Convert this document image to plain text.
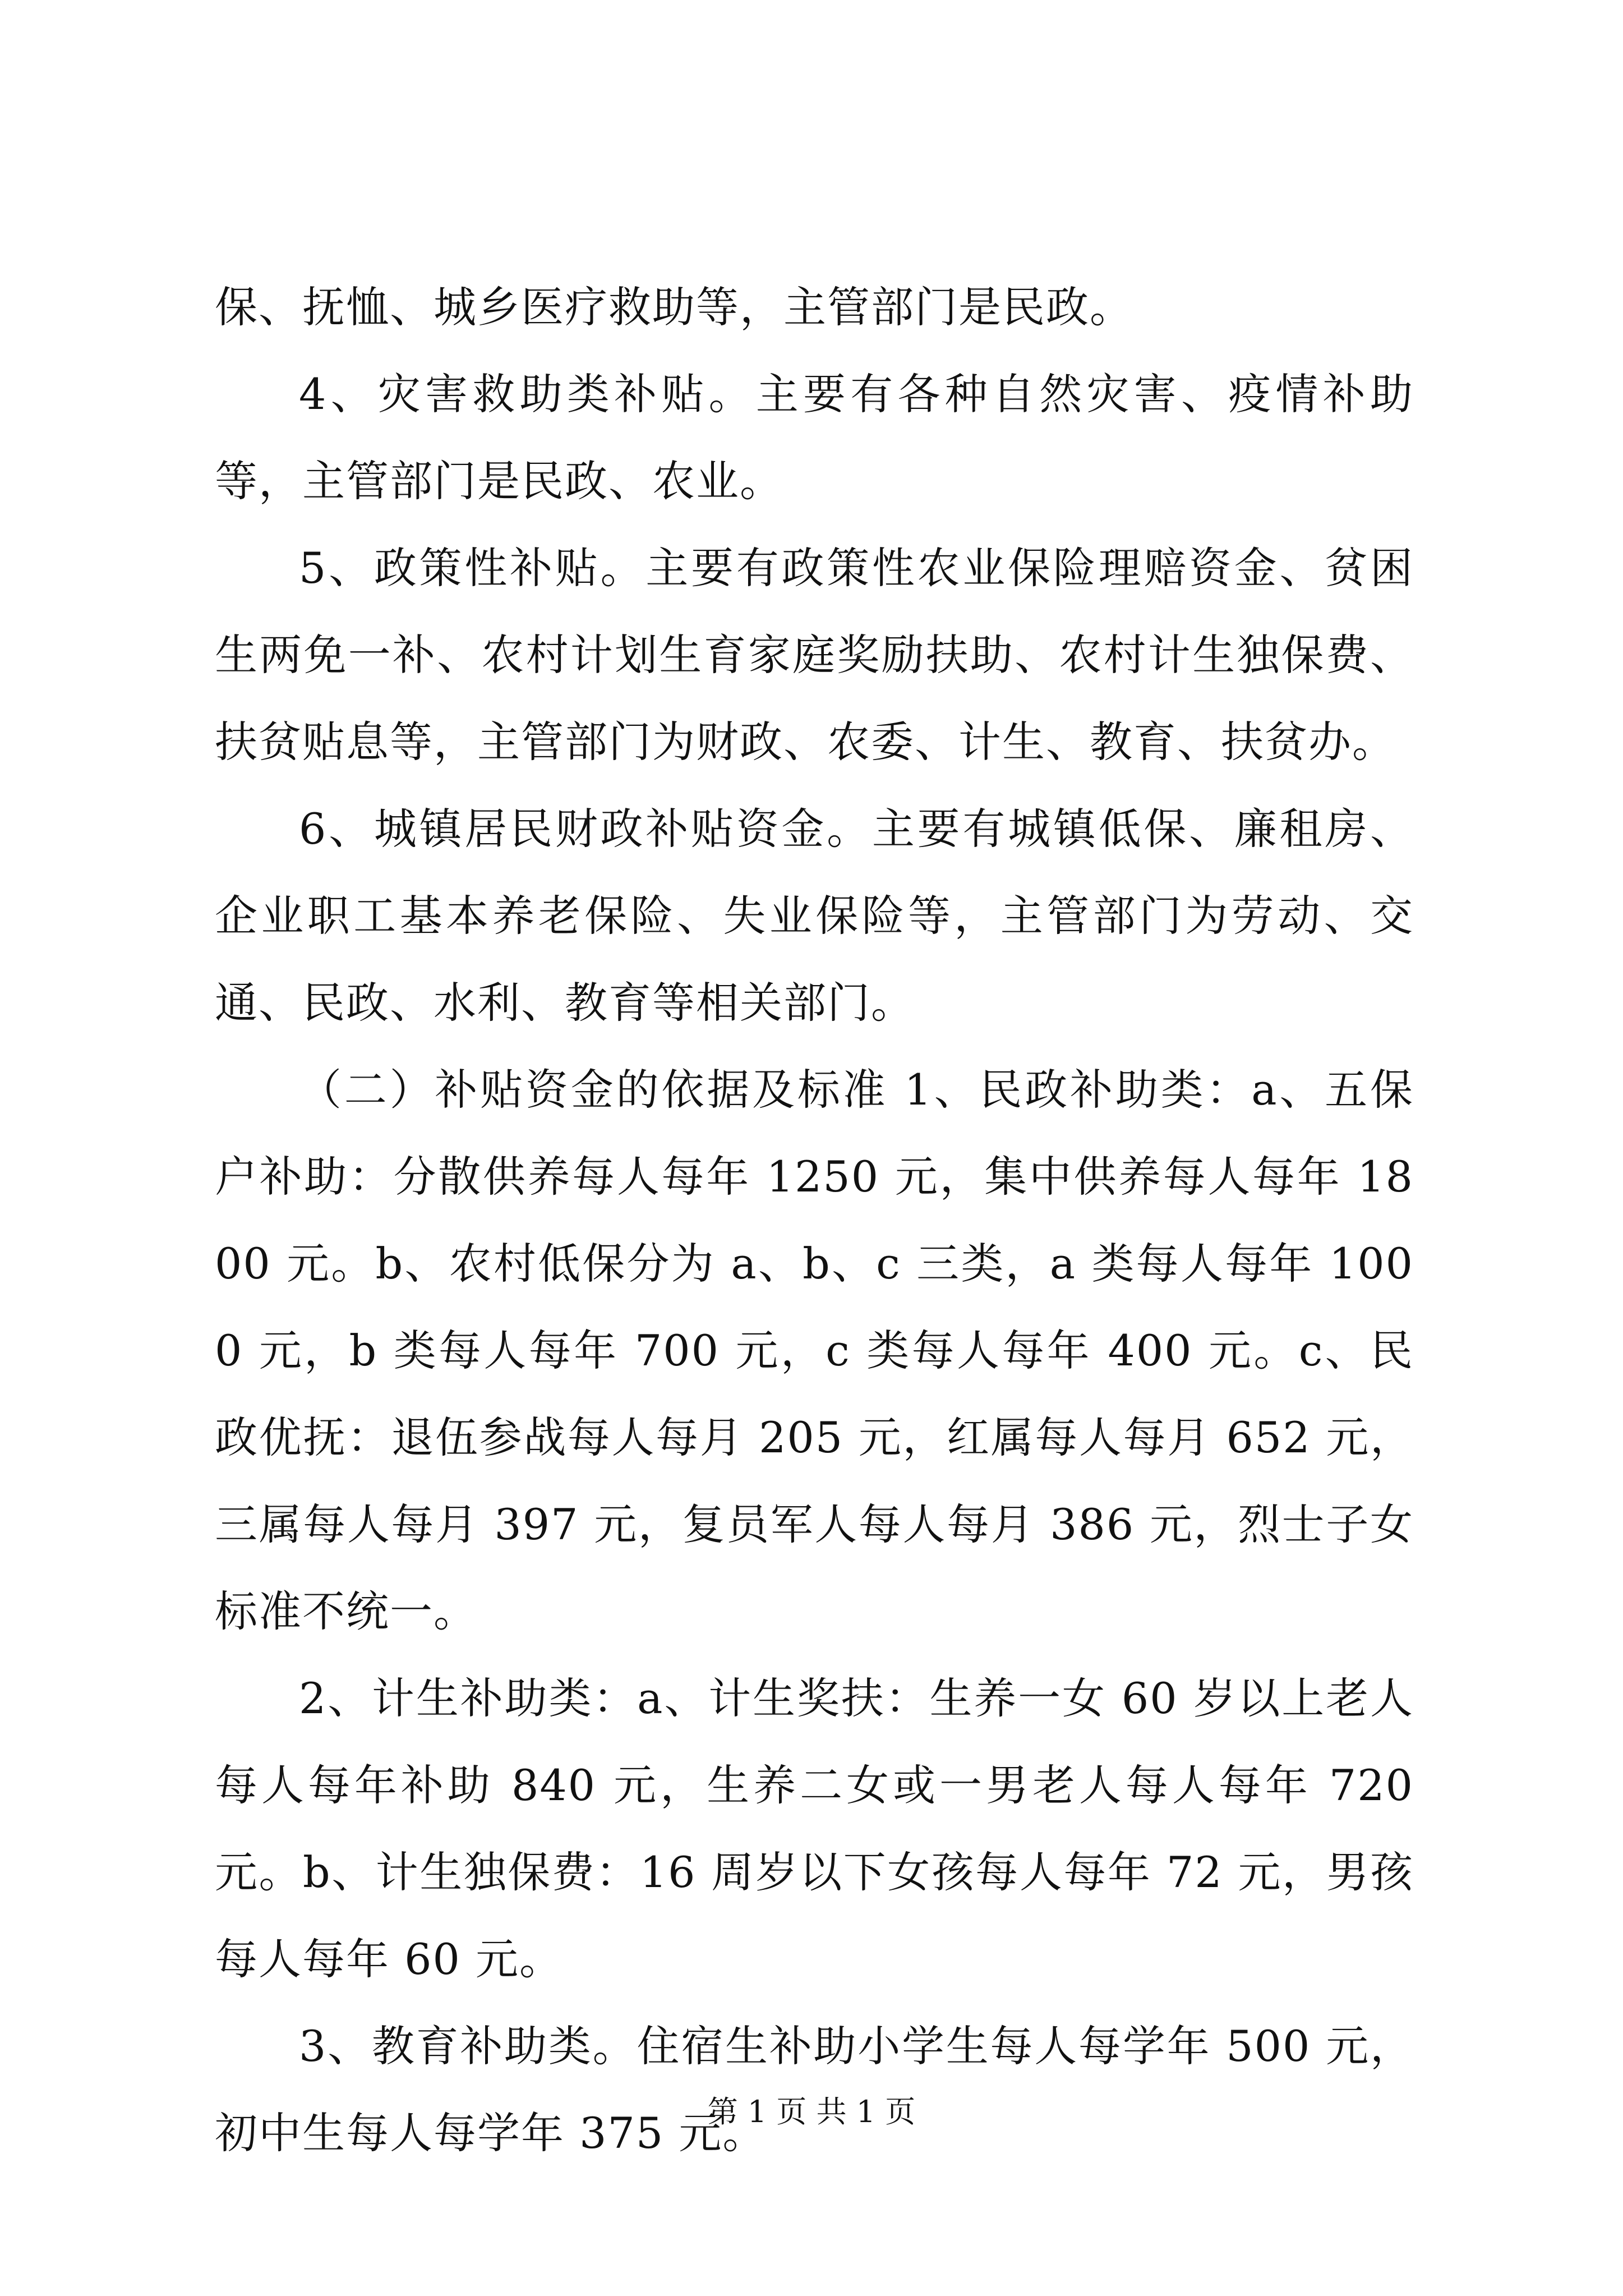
保、抚恤、城乡医疗救助等，主管部门是民政。

4、灾害救助类补贴。主要有各种自然灾害、疫情补助等，主管部门是民政、农业。

5、政策性补贴。主要有政策性农业保险理赔资金、贫困生两免一补、农村计划生育家庭奖励扶助、农村计生独保费、扶贫贴息等，主管部门为财政、农委、计生、教育、扶贫办。

6、城镇居民财政补贴资金。主要有城镇低保、廉租房、企业职工基本养老保险、失业保险等，主管部门为劳动、交通、民政、水利、教育等相关部门。

（二）补贴资金的依据及标准 1、民政补助类：a、五保户补助：分散供养每人每年 1250 元，集中供养每人每年 1800 元。b、农村低保分为 a、b、c 三类，a 类每人每年 1000 元，b 类每人每年 700 元，c 类每人每年 400 元。c、民政优抚：退伍参战每人每月 205 元，红属每人每月 652 元，三属每人每月 397 元，复员军人每人每月 386 元，烈士子女标准不统一。

2、计生补助类：a、计生奖扶：生养一女 60 岁以上老人每人每年补助 840 元，生养二女或一男老人每人每年 720 元。b、计生独保费：16 周岁以下女孩每人每年 72 元，男孩每人每年 60 元。

3、教育补助类。住宿生补助小学生每人每学年 500 元，初中生每人每学年 375 元。

第 1 页 共 1 页
